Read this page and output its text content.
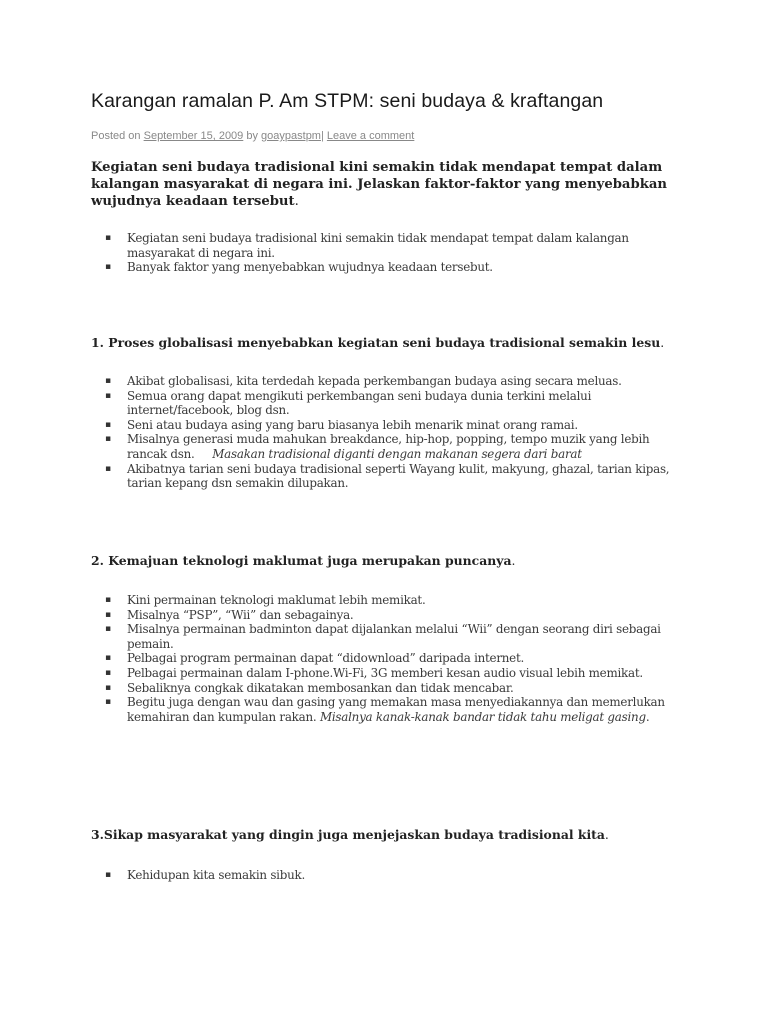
Karangan ramalan P. Am STPM: seni budaya & kraftangan
Posted on September 15, 2009 by goaypastpm| Leave a comment

Kegiatan seni budaya tradisional kini semakin tidak mendapat tempat dalam kalangan masyarakat di negara ini. Jelaskan faktor-faktor yang menyebabkan wujudnya keadaan tersebut.

▪ Kegiatan seni budaya tradisional kini semakin tidak mendapat tempat dalam kalangan masyarakat di negara ini.
▪ Banyak faktor yang menyebabkan wujudnya keadaan tersebut.

1. Proses globalisasi menyebabkan kegiatan seni budaya tradisional semakin lesu.

▪ Akibat globalisasi, kita terdedah kepada perkembangan budaya asing secara meluas.
▪ Semua orang dapat mengikuti perkembangan seni budaya dunia terkini melalui internet/facebook, blog dsn.
▪ Seni atau budaya asing yang baru biasanya lebih menarik minat orang ramai.
▪ Misalnya generasi muda mahukan breakdance, hip-hop, popping, tempo muzik yang lebih rancak dsn. Masakan tradisional diganti dengan makanan segera dari barat
▪ Akibatnya tarian seni budaya tradisional seperti Wayang kulit, makyung, ghazal, tarian kipas, tarian kepang dsn semakin dilupakan.

2. Kemajuan teknologi maklumat juga merupakan puncanya.

▪ Kini permainan teknologi maklumat lebih memikat.
▪ Misalnya “PSP”, “Wii” dan sebagainya.
▪ Misalnya permainan badminton dapat dijalankan melalui “Wii” dengan seorang diri sebagai pemain.
▪ Pelbagai program permainan dapat “didownload” daripada internet.
▪ Pelbagai permainan dalam I-phone.Wi-Fi, 3G memberi kesan audio visual lebih memikat.
▪ Sebaliknya congkak dikatakan membosankan dan tidak mencabar.
▪ Begitu juga dengan wau dan gasing yang memakan masa menyediakannya dan memerlukan kemahiran dan kumpulan rakan. Misalnya kanak-kanak bandar tidak tahu meligat gasing.

3.Sikap masyarakat yang dingin juga menjejaskan budaya tradisional kita.

▪ Kehidupan kita semakin sibuk.
